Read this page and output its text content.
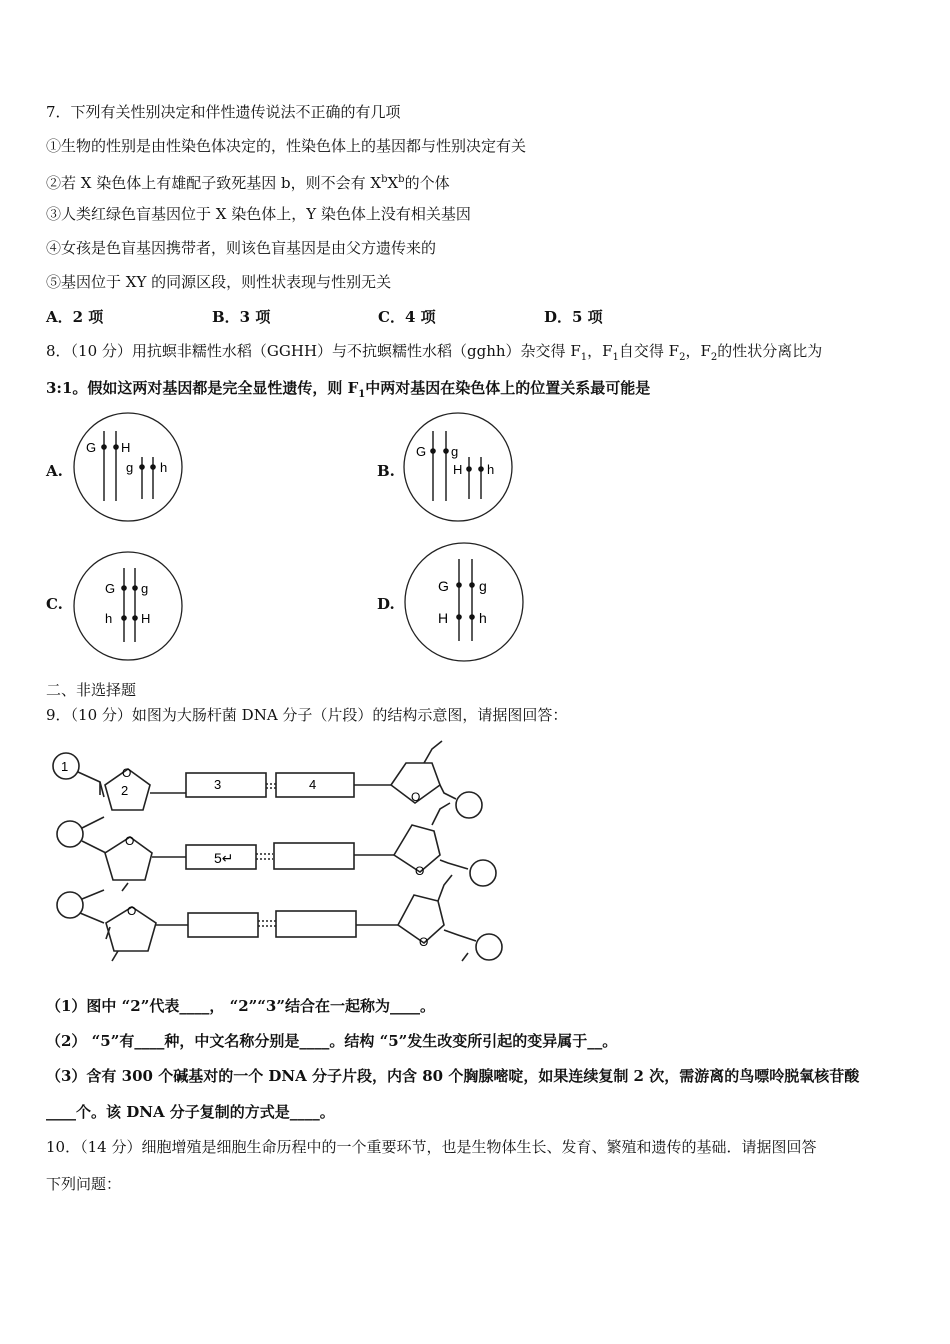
7．下列有关性别决定和伴性遗传说法不正确的有几项
①生物的性别是由性染色体决定的，性染色体上的基因都与性别决定有关
②若 X 染色体上有雄配子致死基因 b，则不会有 $X^bX^b$的个体
③人类红绿色盲基因位于 X 染色体上，Y 染色体上没有相关基因
④女孩是色盲基因携带者，则该色盲基因是由父方遗传来的
⑤基因位于 XY 的同源区段，则性状表现与性别无关
A．2 项	B．3 项	C．4 项	D．5 项
8．（10 分）用抗螟非糯性水稻（GGHH）与不抗螟糯性水稻（gghh）杂交得 $F_1$，$F_1$自交得 $F_2$，$F_2$的性状分离比为
3:1。假如这两对基因都是完全显性遗传，则 $F_1$中两对基因在染色体上的位置关系最可能是
A.	B.
C.	D.
G H
g h
G g
H h
G g
h H
G g
H h
二、非选择题
9．（10 分）如图为大肠杆菌 DNA 分子（片段）的结构示意图，请据图回答：
1
2
O
3	4
O
O
5↵
O
O
O
（1）图中 “2”代表____， “2”“3”结合在一起称为____。
（2） “5”有____种，中文名称分别是____。结构 “5”发生改变所引起的变异属于__。
（3）含有 300 个碱基对的一个 DNA 分子片段，内含 80 个胸腺嘧啶，如果连续复制 2 次，需游离的鸟嘌呤脱氧核苷酸
____个。该 DNA 分子复制的方式是____。
10．（14 分）细胞增殖是细胞生命历程中的一个重要环节，也是生物体生长、发育、繁殖和遗传的基础．请据图回答
下列问题：
